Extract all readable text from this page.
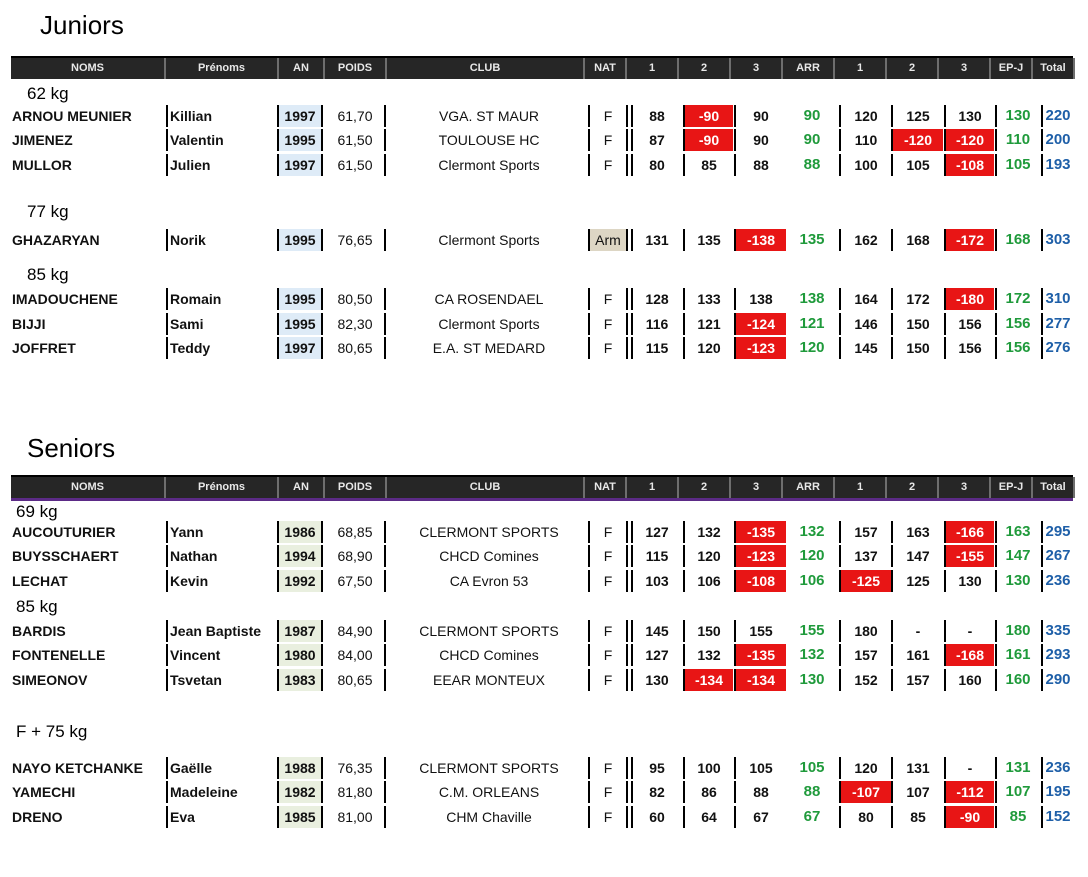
Juniors
Seniors
NOMS	Prénoms	AN	POIDS	CLUB	NAT	1	2	3	ARR	1	2	3	EP-J	Total
62 kg
ARNOU MEUNIER	Killian	1997	61,70	VGA. ST MAUR	F	88	-90	90	90	120	125	130	130 220
JIMENEZ	Valentin	1995	61,50	TOULOUSE HC	F	87	-90	90	90	110	-120	-120	110	200
MULLOR	Julien	1997	61,50	Clermont Sports	F	80	85	88	88	100	105	-108	105 193
77 kg
GHAZARYAN	Norik	1995	76,65	Clermont Sports	Arm	131	135	-138	135	162	168	-172	168 303
85 kg
IMADOUCHENE	Romain	1995	80,50	CA ROSENDAEL	F	128	133	138	138	164	172	-180	172 310
BIJJI	Sami	1995	82,30	Clermont Sports	F	116	121	-124	121	146	150	156	156 277
JOFFRET	Teddy	1997	80,65	E.A. ST MEDARD	F	115	120	-123	120	145	150	156	156 276
NOMS	Prénoms	AN	POIDS	CLUB	NAT	1	2	3	ARR	1	2	3	EP-J	Total
69 kg
AUCOUTURIER	Yann	1986	68,85	CLERMONT SPORTS	F	127	132	-135	132	157	163	-166	163 295
BUYSSCHAERT	Nathan	1994	68,90	CHCD Comines	F	115	120	-123	120	137	147	-155	147 267
LECHAT	Kevin	1992	67,50	CA Evron 53	F	103	106	-108	106	-125	125	130	130 236
85 kg
BARDIS	Jean Baptiste	1987	84,90	CLERMONT SPORTS	F	145	150	155	155	180	-	-	180 335
FONTENELLE	Vincent	1980	84,00	CHCD Comines	F	127	132	-135	132	157	161	-168	161 293
SIMEONOV	Tsvetan	1983	80,65	EEAR MONTEUX	F	130	-134	-134	130	152	157	160	160 290
F + 75 kg
NAYO KETCHANKE	Gaëlle	1988	76,35	CLERMONT SPORTS	F	95	100	105	105	120	131	-	131 236
YAMECHI	Madeleine	1982	81,80	C.M. ORLEANS	F	82	86	88	88	-107	107	-112	107 195
DRENO	Eva	1985	81,00	CHM Chaville	F	60	64	67	67	80	85	-90	85	152
